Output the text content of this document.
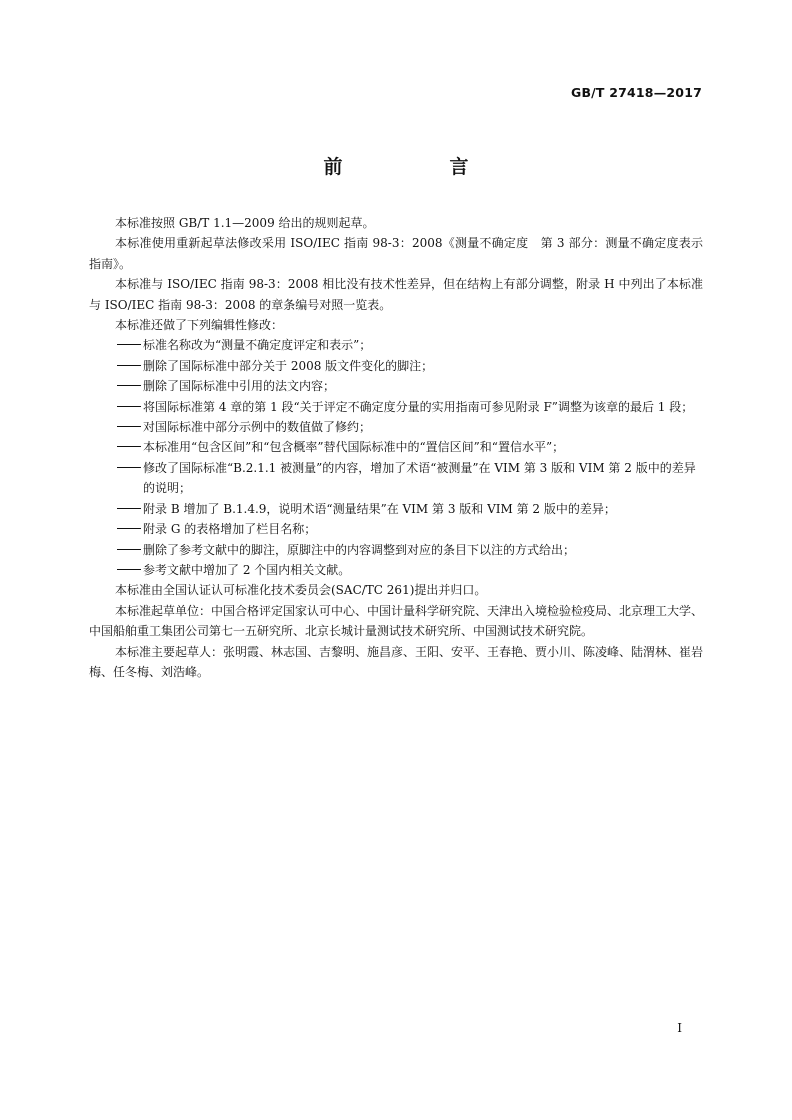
GB/T 27418—2017
前　言

本标准按照 GB/T 1.1—2009 给出的规则起草。

本标准使用重新起草法修改采用 ISO/IEC 指南 98-3：2008《测量不确定度　第 3 部分：测量不确定度表示指南》。

本标准与 ISO/IEC 指南 98-3：2008 相比没有技术性差异，但在结构上有部分调整，附录 H 中列出了本标准与 ISO/IEC 指南 98-3：2008 的章条编号对照一览表。

本标准还做了下列编辑性修改：

标准名称改为“测量不确定度评定和表示”；

删除了国际标准中部分关于 2008 版文件变化的脚注；

删除了国际标准中引用的法文内容；

将国际标准第 4 章的第 1 段“关于评定不确定度分量的实用指南可参见附录 F”调整为该章的最后 1 段；

对国际标准中部分示例中的数值做了修约；

本标准用“包含区间”和“包含概率”替代国际标准中的“置信区间”和“置信水平”；

修改了国际标准“B.2.1.1 被测量”的内容，增加了术语“被测量”在 VIM 第 3 版和 VIM 第 2 版中的差异的说明；

附录 B 增加了 B.1.4.9，说明术语“测量结果”在 VIM 第 3 版和 VIM 第 2 版中的差异；

附录 G 的表格增加了栏目名称；

删除了参考文献中的脚注，原脚注中的内容调整到对应的条目下以注的方式给出；

参考文献中增加了 2 个国内相关文献。

本标准由全国认证认可标准化技术委员会(SAC/TC 261)提出并归口。

本标准起草单位：中国合格评定国家认可中心、中国计量科学研究院、天津出入境检验检疫局、北京理工大学、中国船舶重工集团公司第七一五研究所、北京长城计量测试技术研究所、中国测试技术研究院。

本标准主要起草人：张明霞、林志国、吉黎明、施昌彦、王阳、安平、王春艳、贾小川、陈凌峰、陆渭林、崔岩梅、任冬梅、刘浩峰。

I
